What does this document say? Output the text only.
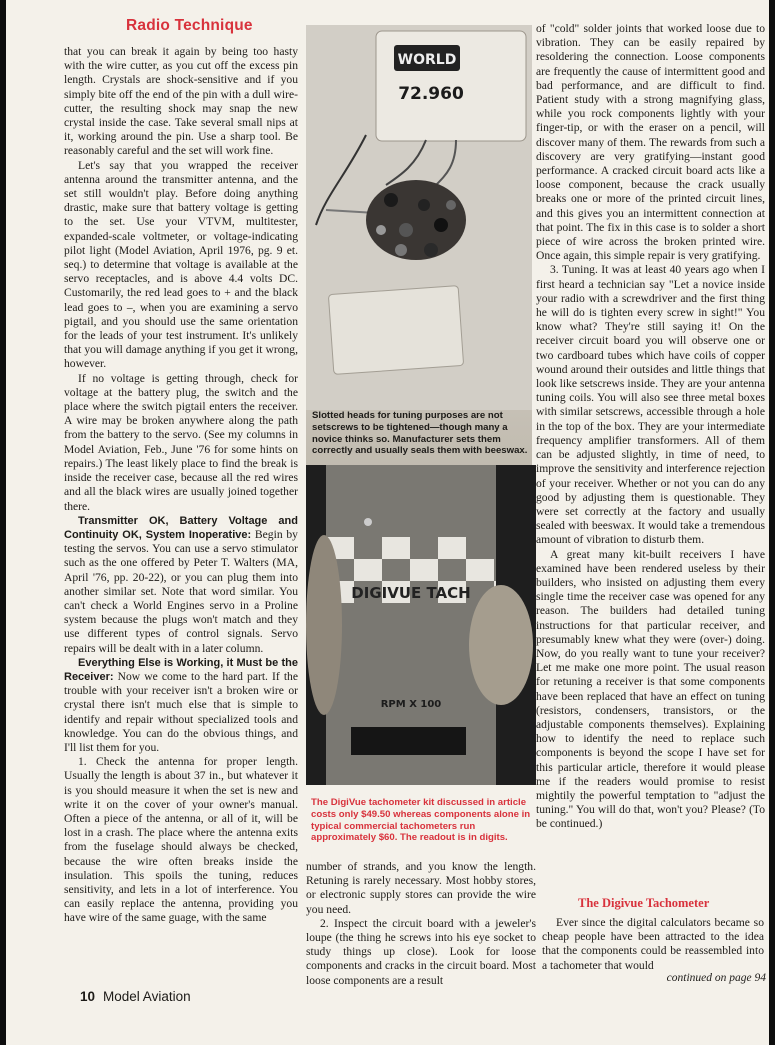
Radio Technique

that you can break it again by being too hasty with the wire cutter, as you cut off the excess pin length. Crystals are shock-sensitive and if you simply bite off the end of the pin with a dull wire-cutter, the resulting shock may snap the new crystal inside the case. Take several small nips at it, working around the pin. Use a sharp tool. Be reasonably careful and the set will work fine.

Let's say that you wrapped the receiver antenna around the transmitter antenna, and the set still wouldn't play. Before doing anything drastic, make sure that battery voltage is getting to the set. Use your VTVM, multitester, expanded-scale voltmeter, or voltage-indicating pilot light (Model Aviation, April 1976, pg. 9 et. seq.) to determine that voltage is available at the servo receptacles, and is above 4.4 volts DC. Customarily, the red lead goes to + and the black lead goes to –, when you are examining a servo pigtail, and you should use the same orientation for the leads of your test instrument. It's unlikely that you will damage anything if you get it wrong, however.

If no voltage is getting through, check for voltage at the battery plug, the switch and the place where the switch pigtail enters the receiver. A wire may be broken anywhere along the path from the battery to the servo. (See my columns in Model Aviation, Feb., June '76 for some hints on repairs.) The least likely place to find the break is inside the receiver case, because all the red wires and all the black wires are usually joined together there.

Transmitter OK, Battery Voltage and Continuity OK, System Inoperative: Begin by testing the servos. You can use a servo stimulator such as the one offered by Peter T. Walters (MA, April '76, pp. 20-22), or you can plug them into another similar set. Note that word similar. You can't check a World Engines servo in a Proline system because the plugs won't match and they use different types of control signals. Servo repairs will be dealt with in a later column.

Everything Else is Working, it Must be the Receiver: Now we come to the hard part. If the trouble with your receiver isn't a broken wire or crystal there isn't much else that is simple to identify and repair without specialized tools and knowledge. You can do the obvious things, and I'll list them for you.

1. Check the antenna for proper length. Usually the length is about 37 in., but whatever it is you should measure it when the set is new and write it on the cover of your owner's manual. Often a piece of the antenna, or all of it, will be lost in a crash. The place where the antenna exits from the fuselage should always be checked, because the wire often breaks inside the insulation. This spoils the tuning, reduces sensitivity, and lets in a lot of interference. You can easily replace the antenna, providing you have wire of the same guage, with the same

WORLD
72.960
Slotted heads for tuning purposes are not setscrews to be tightened—though many a novice thinks so. Manufacturer sets them correctly and usually seals them with beeswax.
DIGIVUE TACH
RPM X 100
The DigiVue tachometer kit discussed in article costs only $49.50 whereas components alone in typical commercial tachometers run approximately $60. The readout is in digits.

number of strands, and you know the length. Retuning is rarely necessary. Most hobby stores, or electronic supply stores can provide the wire you need.

2. Inspect the circuit board with a jeweler's loupe (the thing he screws into his eye socket to study things up close). Look for loose components and cracks in the circuit board. Most loose components are a result

of "cold" solder joints that worked loose due to vibration. They can be easily repaired by resoldering the connection. Loose components are frequently the cause of intermittent good and bad performance, and are difficult to find. Patient study with a strong magnifying glass, while you rock components lightly with your finger-tip, or with the eraser on a pencil, will discover many of them. The rewards from such a discovery are very gratifying—instant good performance. A cracked circuit board acts like a loose component, because the crack usually breaks one or more of the printed circuit lines, and this gives you an intermittent connection at that point. The fix in this case is to solder a short piece of wire across the broken printed wire. Once again, this simple repair is very gratifying.

3. Tuning. It was at least 40 years ago when I first heard a technician say "Let a novice inside your radio with a screwdriver and the first thing he will do is tighten every screw in sight!" You know what? They're still saying it! On the receiver circuit board you will observe one or two cardboard tubes which have coils of copper wound around their outsides and little things that look like setscrews inside. They are your antenna tuning coils. You will also see three metal boxes with similar setscrews, accessible through a hole in the top of the box. They are your intermediate frequency amplifier transformers. All of them can be adjusted slightly, in time of need, to improve the sensitivity and interference rejection of your receiver. Whether or not you can do any good by adjusting them is questionable. They were set correctly at the factory and usually sealed with beeswax. It would take a tremendous amount of vibration to disturb them.

A great many kit-built receivers I have examined have been rendered useless by their builders, who insisted on adjusting them every single time the receiver case was opened for any reason. The builders had detailed tuning instructions for that particular receiver, and presumably knew what they were (over-) doing. Now, do you really want to tune your receiver? Let me make one more point. The usual reason for retuning a receiver is that some components have been replaced that have an effect on tuning (resistors, condensers, transistors, or the adjustable components themselves). Explaining how to identify the need to replace such components is beyond the scope I have set for this particular article, therefore it would please me if the readers would promise to resist mightily the powerful temptation to "adjust the tuning." You will do that, won't you? Please? (To be continued.)

The Digivue Tachometer

Ever since the digital calculators became so cheap people have been attracted to the idea that the components could be reassembled into a tachometer that would

continued on page 94
10 Model Aviation
